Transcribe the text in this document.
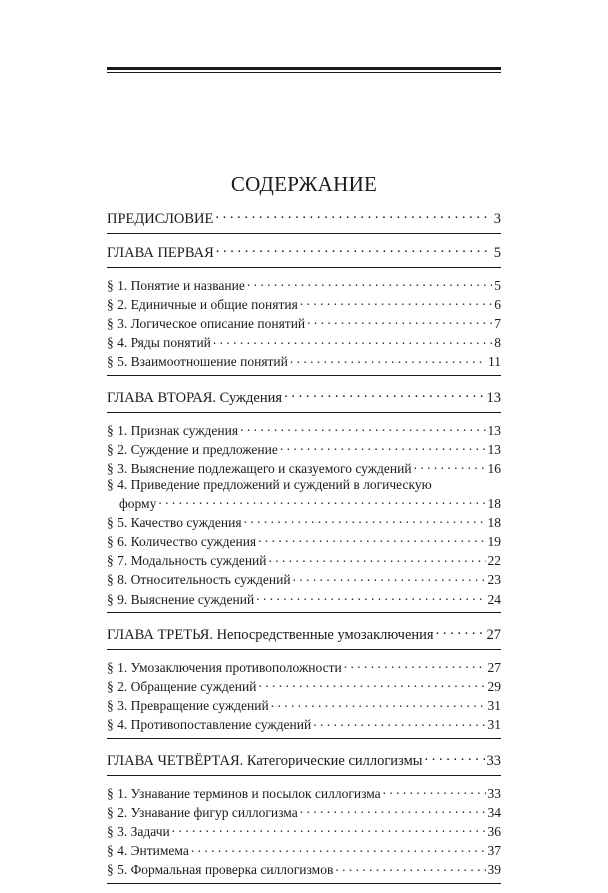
СОДЕРЖАНИЕ
ПРЕДИСЛОВИЕ . . .	3
ГЛАВА ПЕРВАЯ . . .	5
§ 1. Понятие и название . . .	5
§ 2. Единичные и общие понятия . . .	6
§ 3. Логическое описание понятий . . .	7
§ 4. Ряды понятий . . .	8
§ 5. Взаимоотношение понятий . . .	11
ГЛАВА ВТОРАЯ. Суждения . . .	13
§ 1. Признак суждения . . .	13
§ 2. Суждение и предложение . . .	13
§ 3. Выяснение подлежащего и сказуемого суждений . . .	16
§ 4. Приведение предложений и суждений в логическую
форму . . .	18
§ 5. Качество суждения . . .	18
§ 6. Количество суждения . . .	19
§ 7. Модальность суждений . . .	22
§ 8. Относительность суждений . . .	23
§ 9. Выяснение суждений . . .	24
ГЛАВА ТРЕТЬЯ. Непосредственные умозаключения . . .	27
§ 1. Умозаключения противоположности . . .	27
§ 2. Обращение суждений . . .	29
§ 3. Превращение суждений . . .	31
§ 4. Противопоставление суждений . . .	31
ГЛАВА ЧЕТВЁРТАЯ. Категорические силлогизмы . . .	33
§ 1. Узнавание терминов и посылок силлогизма . . .	33
§ 2. Узнавание фигур силлогизма . . .	34
§ 3. Задачи . . .	36
§ 4. Энтимема . . .	37
§ 5. Формальная проверка силлогизмов . . .	39
